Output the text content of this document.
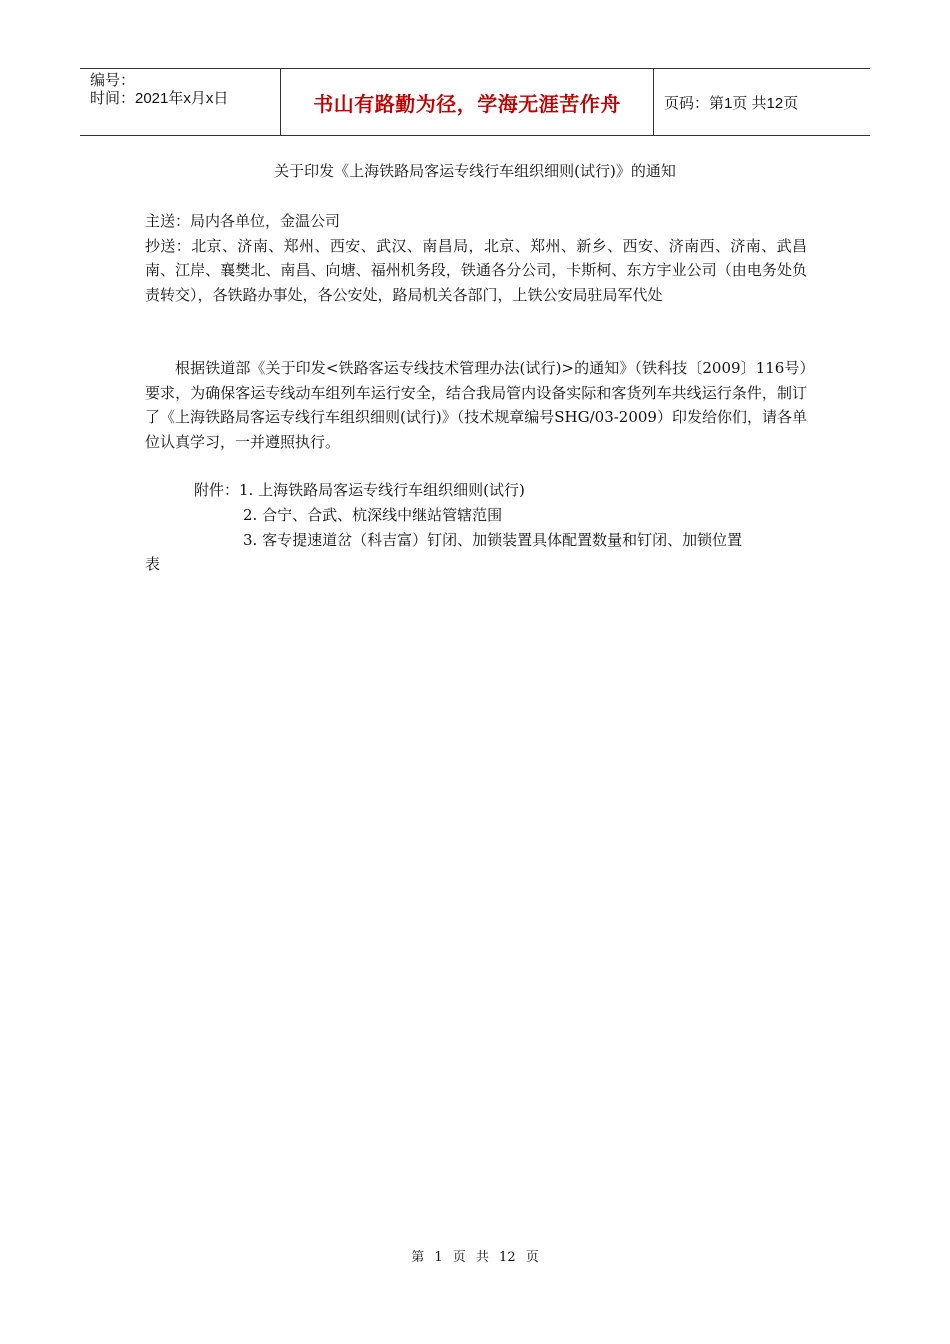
编号：
时间：2021年x月x日	书山有路勤为径，学海无涯苦作舟	页码：第1页 共12页
关于印发《上海铁路局客运专线行车组织细则(试行)》的通知
主送：局内各单位，金温公司
抄送：北京、济南、郑州、西安、武汉、南昌局，北京、郑州、新乡、西安、济南西、济南、武昌南、江岸、襄樊北、南昌、向塘、福州机务段，铁通各分公司，卡斯柯、东方宇业公司（由电务处负责转交），各铁路办事处，各公安处，路局机关各部门，上铁公安局驻局军代处
根据铁道部《关于印发<铁路客运专线技术管理办法(试行)>的通知》（铁科技〔2009〕116号）要求，为确保客运专线动车组列车运行安全，结合我局管内设备实际和客货列车共线运行条件，制订了《上海铁路局客运专线行车组织细则(试行)》（技术规章编号SHG/03-2009）印发给你们，请各单位认真学习，一并遵照执行。
附件：1. 上海铁路局客运专线行车组织细则(试行)
2. 合宁、合武、杭深线中继站管辖范围
3. 客专提速道岔（科吉富）钉闭、加锁装置具体配置数量和钉闭、加锁位置
表
第 1 页 共 12 页
